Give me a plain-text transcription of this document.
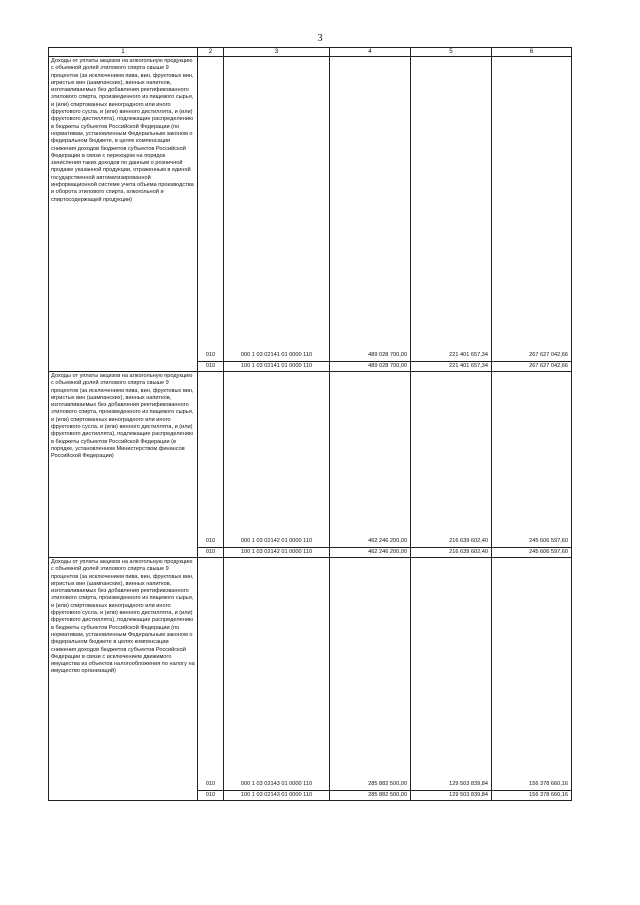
3
1	2	3	4	5	6
Доходы от уплаты акцизов на алкогольную продукцию с объемной долей этилового спирта свыше 9 процентов (за исключением пива, вин, фруктовых вин, игристых вин (шампанских), винных напитков, изготавливаемых без добавления ректификованного этилового спирта, произведенного из пищевого сырья, и (или) спиртованных виноградного или иного фруктового сусла, и (или) винного дистиллята, и (или) фруктового дистиллята), подлежащие распределению в бюджеты субъектов Российской Федерации (по нормативам, установленным Федеральным законом о федеральном бюджете, в целях компенсации снижения доходов бюджетов субъектов Российской Федерации в связи с переходом на порядок зачисления таких доходов по данным о розничной продаже указанной продукции, отраженным в единой государственной автоматизированной информационной системе учета объема производства и оборота этилового спирта, алкогольной и спиртосодержащей продукции)	010	000 1 03 02141 01 0000 110	489 028 700,00	221 401 657,34	267 627 042,66
	010	100 1 03 02141 01 0000 110	489 028 700,00	221 401 657,34	267 627 042,66
Доходы от уплаты акцизов на алкогольную продукцию с объемной долей этилового спирта свыше 9 процентов (за исключением пива, вин, фруктовых вин, игристых вин (шампанских), винных напитков, изготавливаемых без добавления ректификованного этилового спирта, произведенного из пищевого сырья, и (или) спиртованных виноградного или иного фруктового сусла, и (или) винного дистиллята, и (или) фруктового дистиллята), подлежащие распределению в бюджеты субъектов Российской Федерации (в порядке, установленном Министерством финансов Российской Федерации)	010	000 1 03 02142 01 0000 110	462 246 200,00	216 639 602,40	245 606 597,60
	010	100 1 03 02142 01 0000 110	462 246 200,00	216 639 602,40	245 606 597,60
Доходы от уплаты акцизов на алкогольную продукцию с объемной долей этилового спирта свыше 9 процентов (за исключением пива, вин, фруктовых вин, игристых вин (шампанских), винных напитков, изготавливаемых без добавления ректификованного этилового спирта, произведенного из пищевого сырья, и (или) спиртованных виноградного или иного фруктового сусла, и (или) винного дистиллята, и (или) фруктового дистиллята), подлежащие распределению в бюджеты субъектов Российской Федерации (по нормативам, установленным Федеральным законом о федеральном бюджете в целях компенсации снижения доходов бюджетов субъектов Российской Федерации в связи с исключением движимого имущества из объектов налогообложения по налогу на имущество организаций)	010	000 1 03 02143 01 0000 110	285 882 500,00	129 503 839,84	156 378 660,16
	010	100 1 03 02143 01 0000 110	285 882 500,00	129 503 839,84	156 378 660,16
